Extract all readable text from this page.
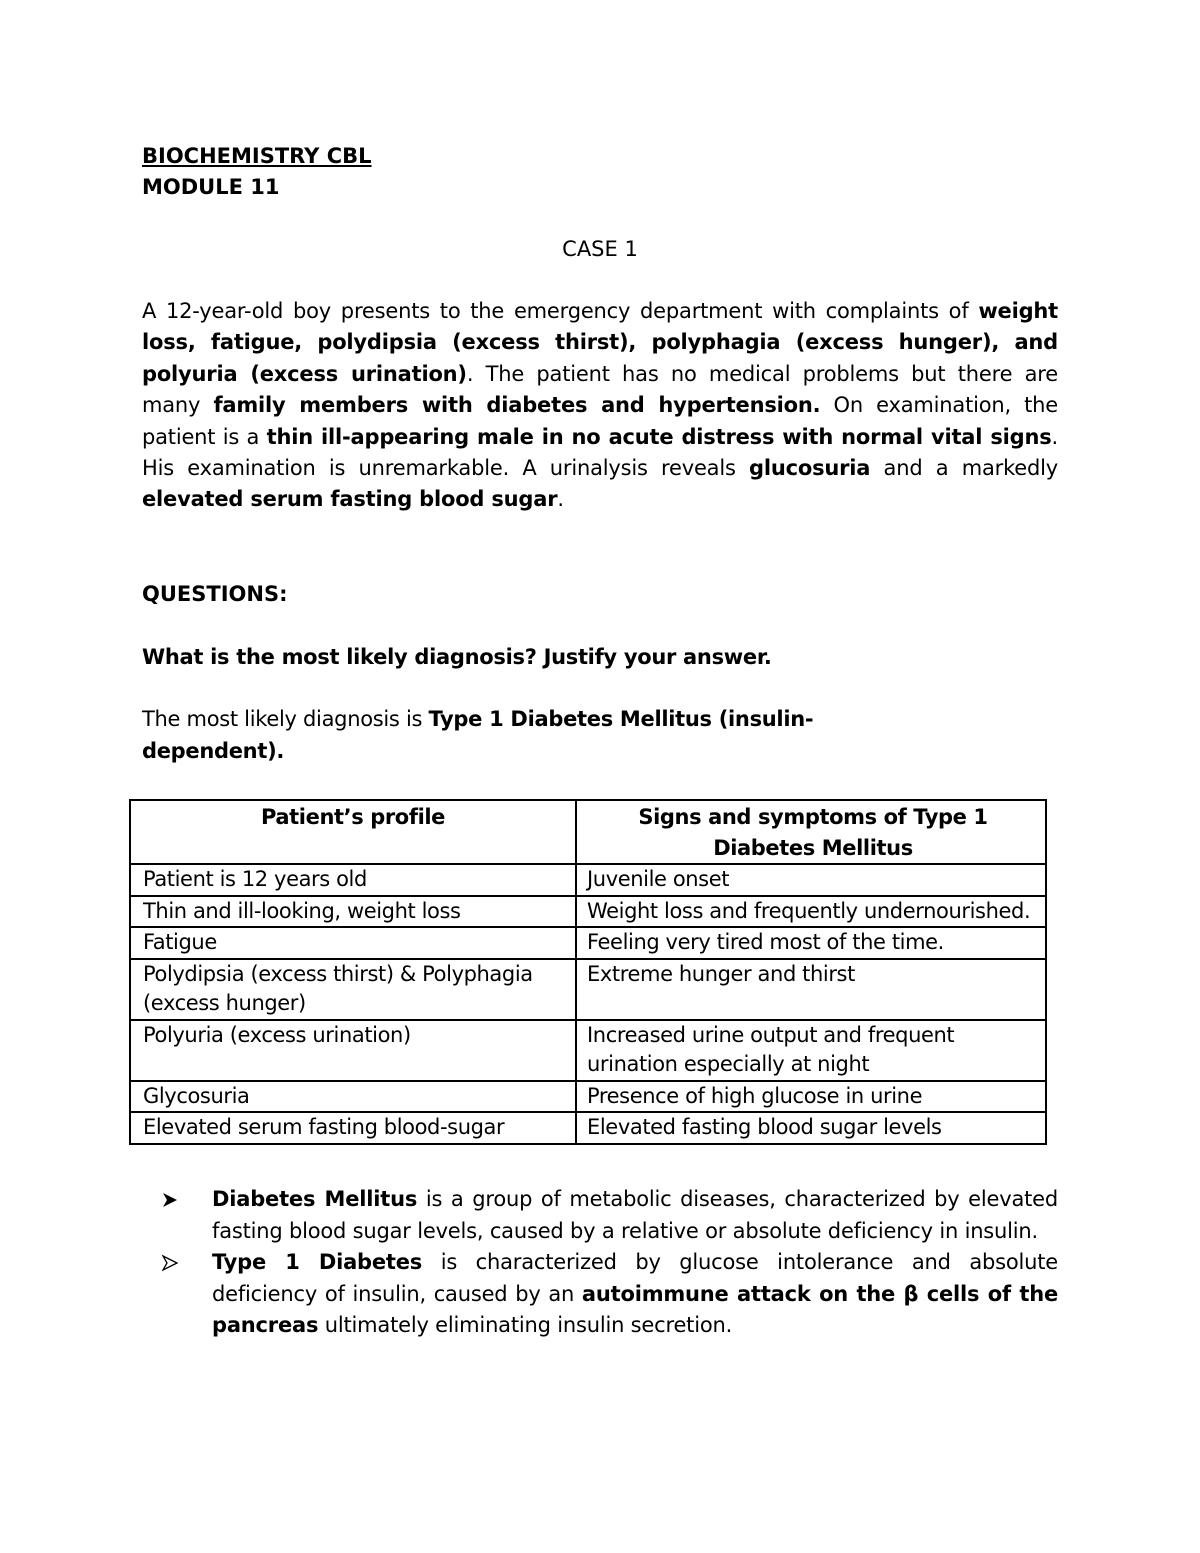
BIOCHEMISTRY CBL
MODULE 11
CASE 1

A 12-year-old boy presents to the emergency department with complaints of weight loss, fatigue, polydipsia (excess thirst), polyphagia (excess hunger), and polyuria (excess urination). The patient has no medical problems but there are many family members with diabetes and hypertension. On examination, the patient is a thin ill-appearing male in no acute distress with normal vital signs. His examination is unremarkable. A urinalysis reveals glucosuria and a markedly elevated serum fasting blood sugar.

QUESTIONS:
What is the most likely diagnosis? Justify your answer.
The most likely diagnosis is Type 1 Diabetes Mellitus (insulin-dependent).
Patient’s profile	Signs and symptoms of Type 1 Diabetes Mellitus
Patient is 12 years old	Juvenile onset
Thin and ill-looking, weight loss	Weight loss and frequently undernourished.
Fatigue	Feeling very tired most of the time.
Polydipsia (excess thirst) & Polyphagia (excess hunger)	Extreme hunger and thirst
Polyuria (excess urination)	Increased urine output and frequent urination especially at night
Glycosuria	Presence of high glucose in urine
Elevated serum fasting blood-sugar	Elevated fasting blood sugar levels
Diabetes Mellitus is a group of metabolic diseases, characterized by elevated fasting blood sugar levels, caused by a relative or absolute deficiency in insulin.
Type 1 Diabetes is characterized by glucose intolerance and absolute deficiency of insulin, caused by an autoimmune attack on the β cells of the pancreas ultimately eliminating insulin secretion.
